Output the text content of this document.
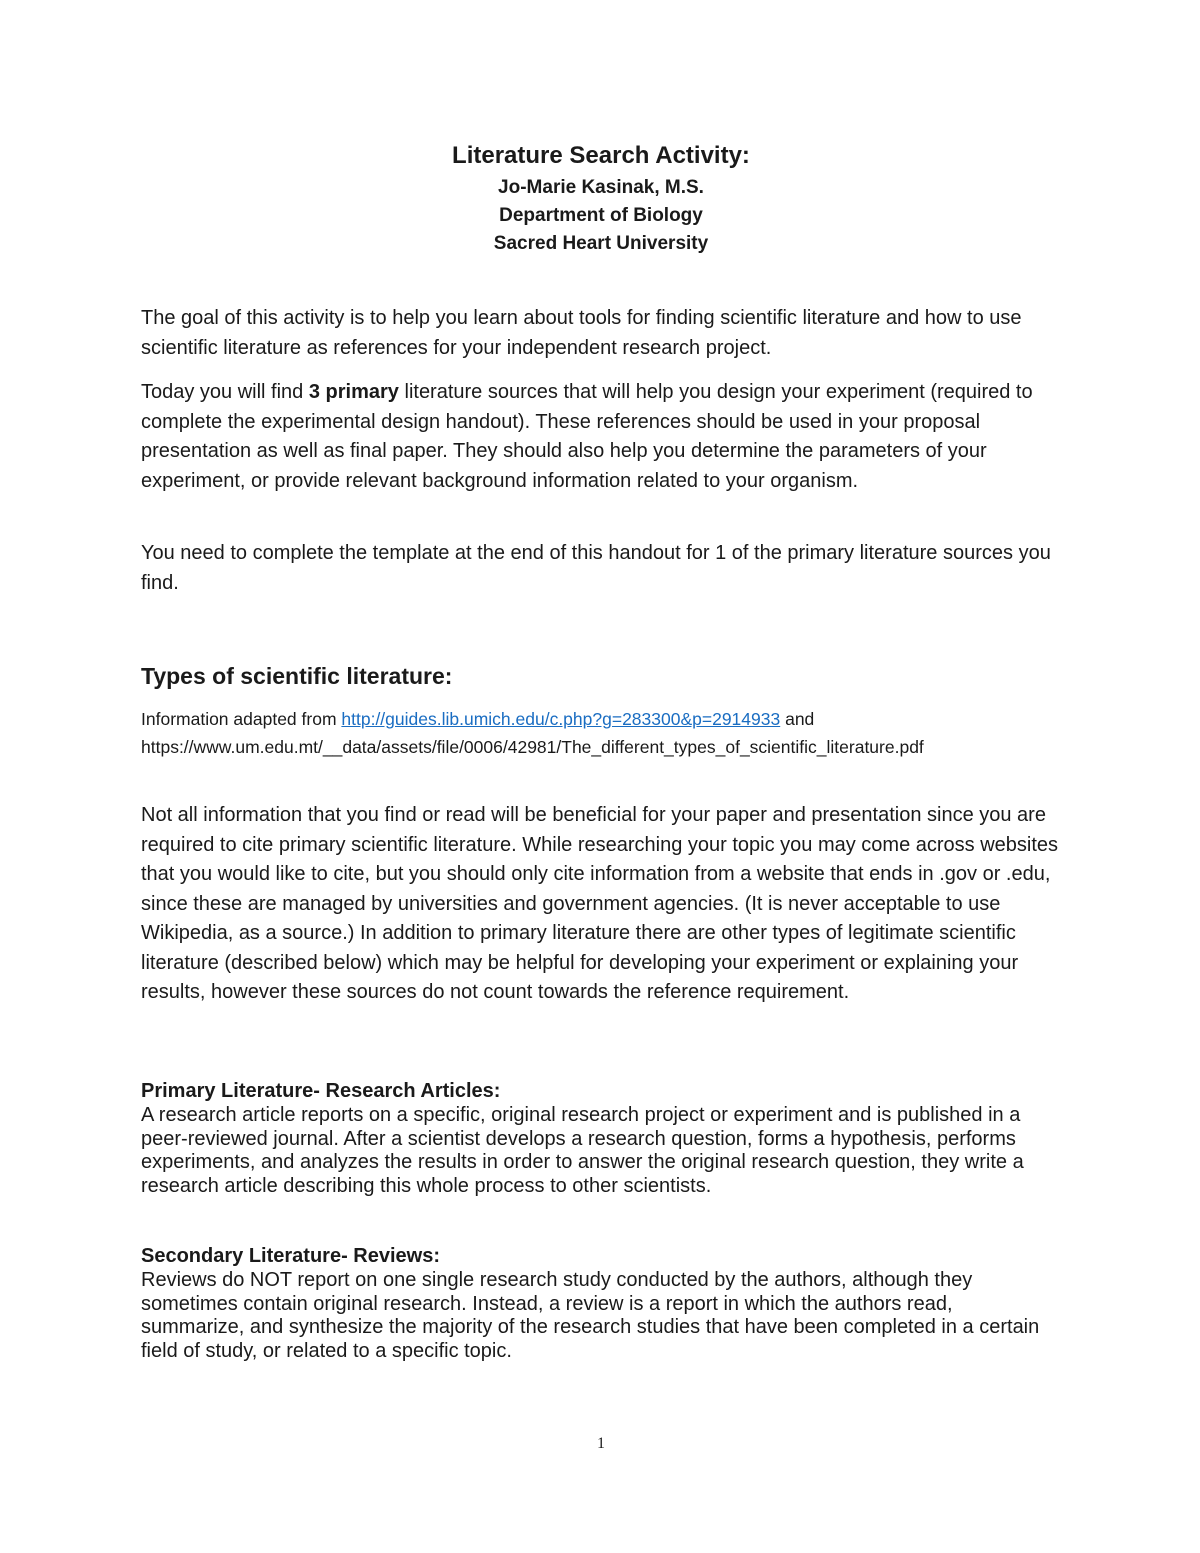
Literature Search Activity:
Jo-Marie Kasinak, M.S.
Department of Biology
Sacred Heart University

The goal of this activity is to help you learn about tools for finding scientific literature and how to use scientific literature as references for your independent research project.

Today you will find 3 primary literature sources that will help you design your experiment (required to complete the experimental design handout). These references should be used in your proposal presentation as well as final paper. They should also help you determine the parameters of your experiment, or provide relevant background information related to your organism.

You need to complete the template at the end of this handout for 1 of the primary literature sources you find.

Types of scientific literature:
Information adapted from http://guides.lib.umich.edu/c.php?g=283300&p=2914933 and
https://www.um.edu.mt/__data/assets/file/0006/42981/The_different_types_of_scientific_literature.pdf

Not all information that you find or read will be beneficial for your paper and presentation since you are required to cite primary scientific literature. While researching your topic you may come across websites that you would like to cite, but you should only cite information from a website that ends in .gov or .edu, since these are managed by universities and government agencies. (It is never acceptable to use Wikipedia, as a source.) In addition to primary literature there are other types of legitimate scientific literature (described below) which may be helpful for developing your experiment or explaining your results, however these sources do not count towards the reference requirement.

Primary Literature- Research Articles:

A research article reports on a specific, original research project or experiment and is published in a peer-reviewed journal. After a scientist develops a research question, forms a hypothesis, performs experiments, and analyzes the results in order to answer the original research question, they write a research article describing this whole process to other scientists.

Secondary Literature- Reviews:

Reviews do NOT report on one single research study conducted by the authors, although they sometimes contain original research. Instead, a review is a report in which the authors read, summarize, and synthesize the majority of the research studies that have been completed in a certain field of study, or related to a specific topic.

1
